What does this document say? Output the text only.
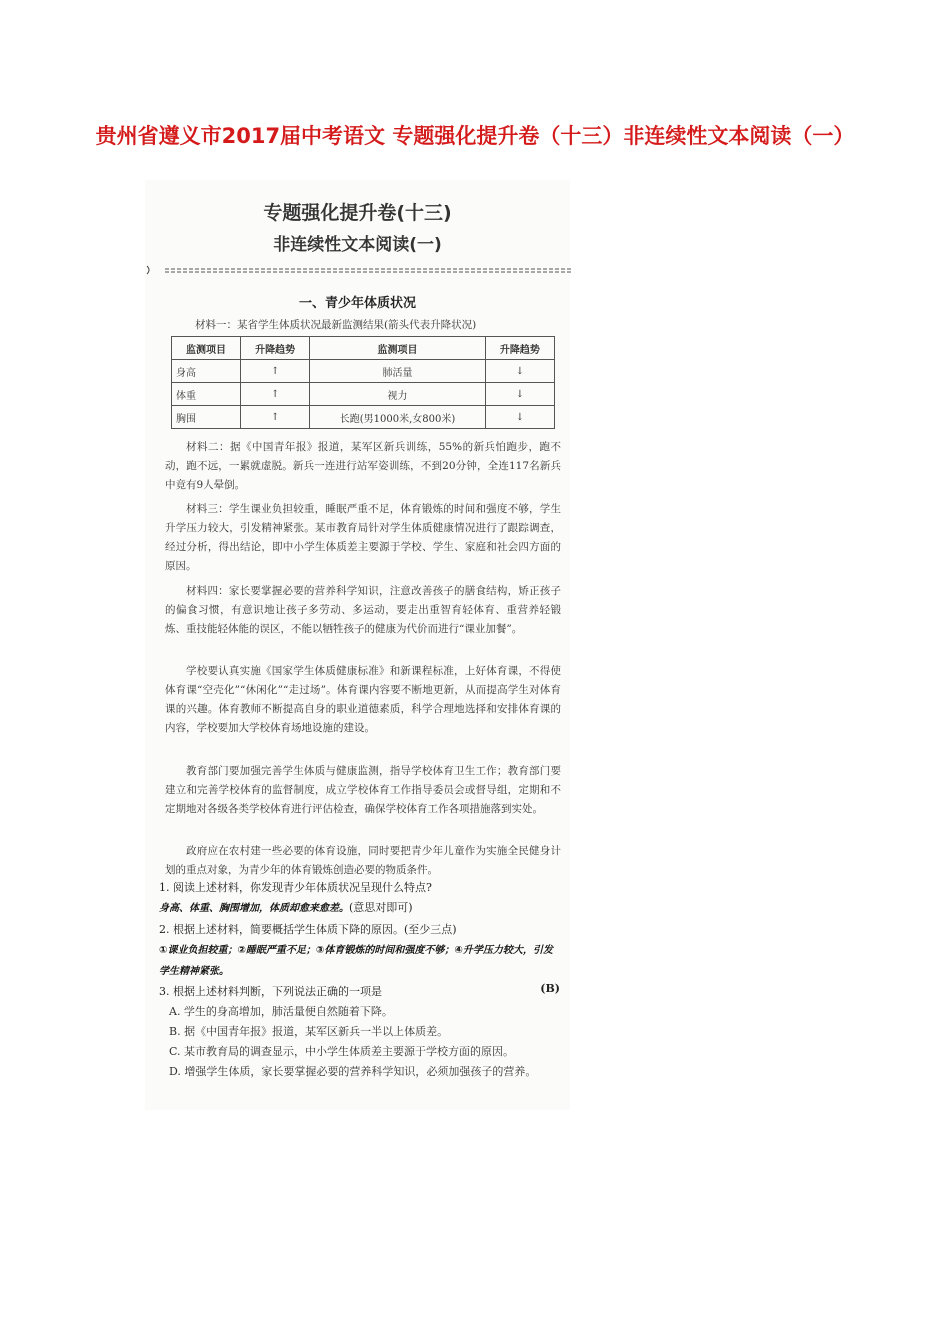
贵州省遵义市2017届中考语文 专题强化提升卷（十三）非连续性文本阅读（一）
专题强化提升卷(十三)
非连续性文本阅读(一)
一、青少年体质状况
材料一：某省学生体质状况最新监测结果(箭头代表升降状况)
监测项目	升降趋势	监测项目	升降趋势
身高	↑	肺活量	↓
体重	↑	视力	↓
胸围	↑	长跑(男1000米,女800米)	↓
材料二：据《中国青年报》报道，某军区新兵训练，55%的新兵怕跑步，跑不动，跑不远，一累就虚脱。新兵一连进行站军姿训练，不到20分钟，全连117名新兵中竟有9人晕倒。
材料三：学生课业负担较重，睡眠严重不足，体育锻炼的时间和强度不够，学生升学压力较大，引发精神紧张。某市教育局针对学生体质健康情况进行了跟踪调查，经过分析，得出结论，即中小学生体质差主要源于学校、学生、家庭和社会四方面的原因。
材料四：家长要掌握必要的营养科学知识，注意改善孩子的膳食结构，矫正孩子的偏食习惯，有意识地让孩子多劳动、多运动，要走出重智育轻体育、重营养轻锻炼、重技能轻体能的误区，不能以牺牲孩子的健康为代价而进行“课业加餐”。
学校要认真实施《国家学生体质健康标准》和新课程标准，上好体育课，不得使体育课“空壳化”“休闲化”“走过场”。体育课内容要不断地更新，从而提高学生对体育课的兴趣。体育教师不断提高自身的职业道德素质，科学合理地选择和安排体育课的内容，学校要加大学校体育场地设施的建设。
教育部门要加强完善学生体质与健康监测，指导学校体育卫生工作；教育部门要建立和完善学校体育的监督制度，成立学校体育工作指导委员会或督导组，定期和不定期地对各级各类学校体育进行评估检查，确保学校体育工作各项措施落到实处。
政府应在农村建一些必要的体育设施，同时要把青少年儿童作为实施全民健身计划的重点对象，为青少年的体育锻炼创造必要的物质条件。
1. 阅读上述材料，你发现青少年体质状况呈现什么特点?
身高、体重、胸围增加，体质却愈来愈差。(意思对即可)
2. 根据上述材料，简要概括学生体质下降的原因。(至少三点)
①课业负担较重；②睡眠严重不足；③体育锻炼的时间和强度不够；④升学压力较大，引发学生精神紧张。
3. 根据上述材料判断，下列说法正确的一项是	(B)
A. 学生的身高增加，肺活量便自然随着下降。
B. 据《中国青年报》报道，某军区新兵一半以上体质差。
C. 某市教育局的调查显示，中小学生体质差主要源于学校方面的原因。
D. 增强学生体质，家长要掌握必要的营养科学知识，必须加强孩子的营养。
